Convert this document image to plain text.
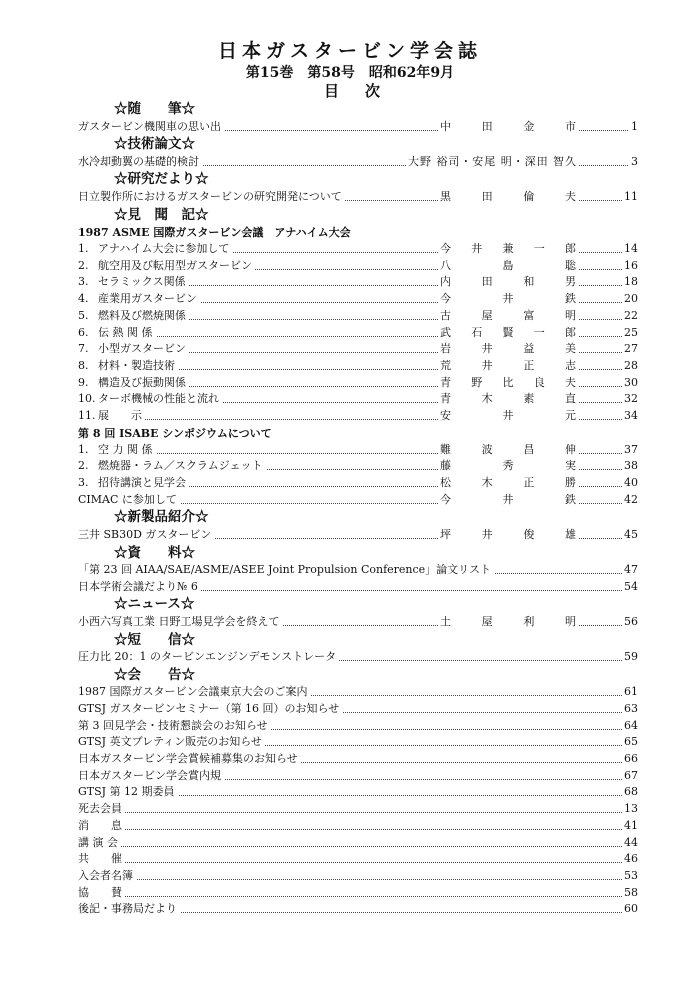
日本ガスタービン学会誌
第15巻　第58号　昭和62年9月
目次
☆随　　筆☆
ガスタービン機関車の思い出	中田金市	1
☆技術論文☆
水冷却動翼の基礎的検討	大野 裕司・安尾 明・深田 智久	3
☆研究だより☆
日立製作所におけるガスタービンの研究開発について	黒田倫夫	11
☆見　聞　記☆
1987 ASME 国際ガスタービン会議　アナハイム大会
1. アナハイム大会に参加して	今井兼一郎	14
2. 航空用及び転用型ガスタービン	八島聡	16
3. セラミックス関係	内田和男	18
4. 産業用ガスタービン	今井鉄	20
5. 燃料及び燃焼関係	古屋富明	22
6. 伝 熱 関 係	武石賢一郎	25
7. 小型ガスタービン	岩井益美	27
8. 材料・製造技術	荒井正志	28
9. 構造及び振動関係	青野比良夫	30
10. ターボ機械の性能と流れ	青木素直	32
11. 展　　示	安井元	34
第 8 回 ISABE シンポジウムについて
1. 空 力 関 係	難波昌伸	37
2. 燃焼器・ラム／スクラムジェット	藤秀実	38
3. 招待講演と見学会	松木正勝	40
CIMAC に参加して	今井鉄	42
☆新製品紹介☆
三井 SB30D ガスタービン	坪井俊雄	45
☆資　　料☆
「第 23 回 AIAA/SAE/ASME/ASEE Joint Propulsion Conference」論文リスト	47
日本学術会議だより№ 6	54
☆ニュース☆
小西六写真工業 日野工場見学会を終えて	土屋利明	56
☆短　　信☆
圧力比 20：1 のタービンエンジンデモンストレータ	59
☆会　　告☆
1987 国際ガスタービン会議東京大会のご案内	61
GTSJ ガスタービンセミナー（第 16 回）のお知らせ	63
第 3 回見学会・技術懇談会のお知らせ	64
GTSJ 英文ブレティン販売のお知らせ	65
日本ガスタービン学会賞候補募集のお知らせ	66
日本ガスタービン学会賞内規	67
GTSJ 第 12 期委員	68
死去会員	13
消　　息	41
講 演 会	44
共　　催	46
入会者名簿	53
協　　賛	58
後記・事務局だより	60
